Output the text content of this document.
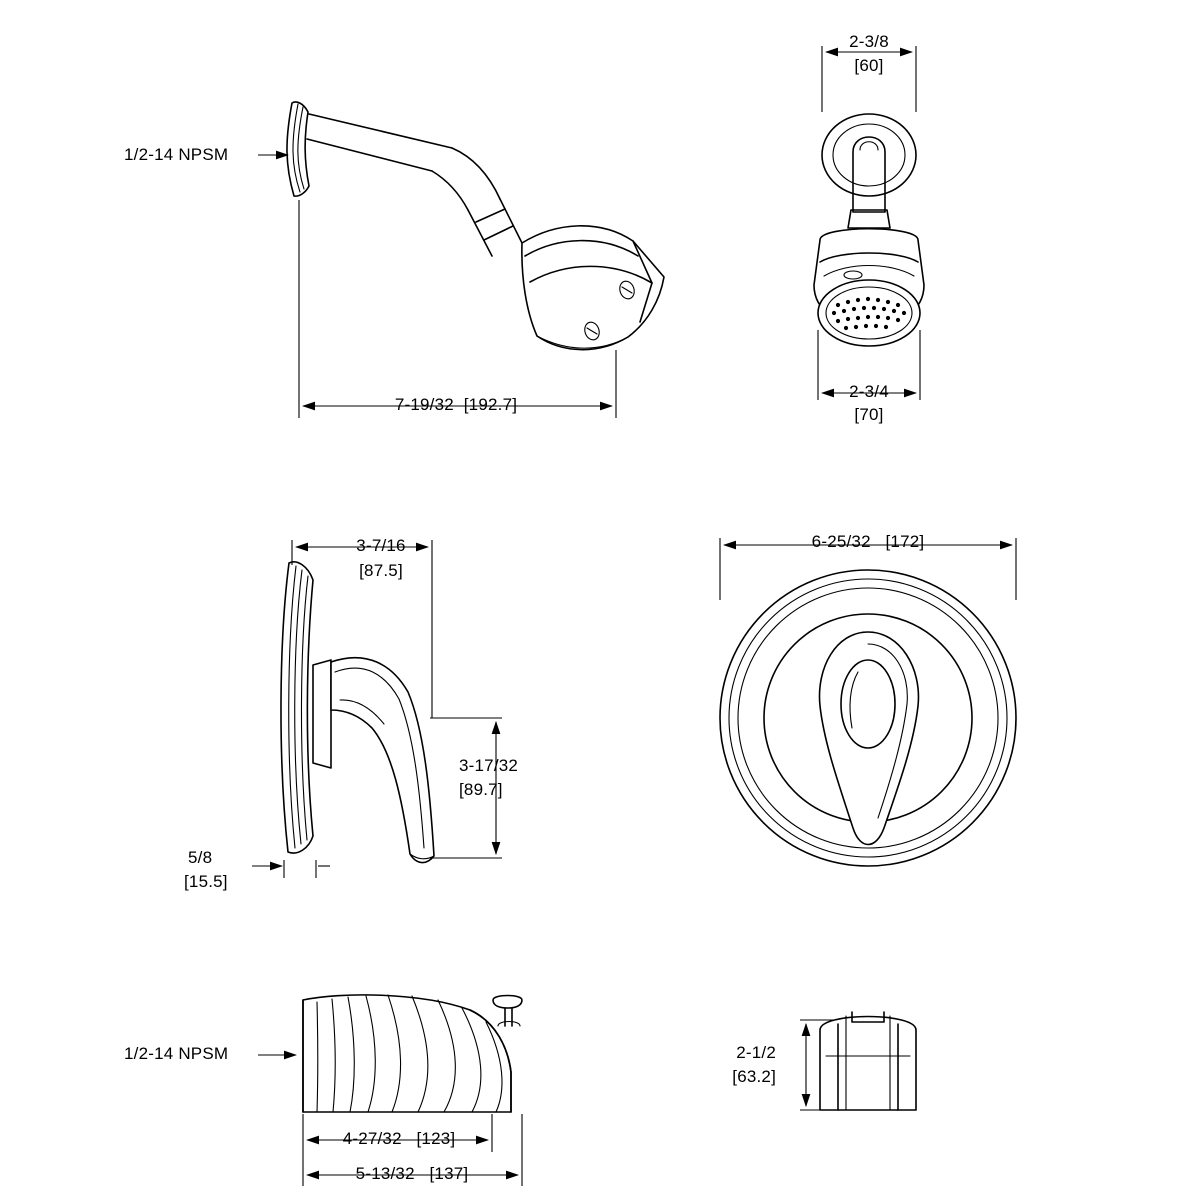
1/2-14 NPSM
7-19/32  [192.7]
2-3/8
[60]
2-3/4
[70]
3-7/16
[87.5]
3-17/32
[89.7]
5/8
[15.5]
6-25/32   [172]
1/2-14 NPSM
4-27/32   [123]
5-13/32   [137]
2-1/2
[63.2]
